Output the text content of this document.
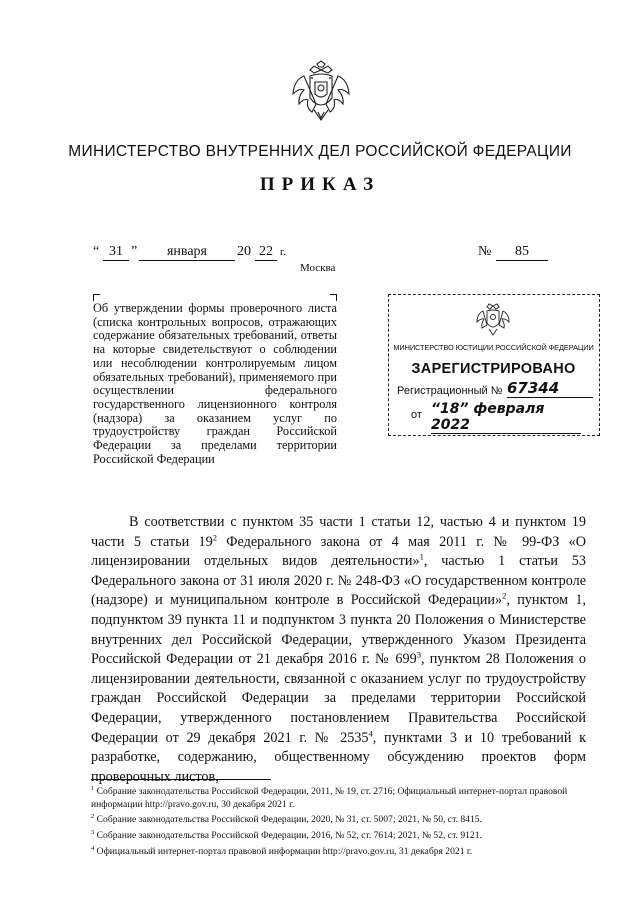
МИНИСТЕРСТВО ВНУТРЕННИХ ДЕЛ РОССИЙСКОЙ ФЕДЕРАЦИИ
ПРИКАЗ
“ 31 ”	января	20 22 г.	№	85
Москва

Об утверждении формы проверочного листа (списка контрольных вопросов, отражающих содержание обязательных требований, ответы на которые свидетельствуют о соблюдении или несоблюдении контролируемым лицом обязательных требований), применяемого при осуществлении федерального государственного лицензионного контроля (надзора) за оказанием услуг по трудоустройству граждан Российской Федерации за пределами территории Российской Федерации

МИНИСТЕРСТВО ЮСТИЦИИ РОССИЙСКОЙ ФЕДЕРАЦИИ
ЗАРЕГИСТРИРОВАНО
Регистрационный № 67344
от “18” февраля 2022

В соответствии с пунктом 35 части 1 статьи 12, частью 4 и пунктом 19 части 5 статьи $19^2$ Федерального закона от 4 мая 2011 г. № 99-ФЗ «О лицензировании отдельных видов деятельности»$^1$, частью 1 статьи 53 Федерального закона от 31 июля 2020 г. № 248-ФЗ «О государственном контроле (надзоре) и муниципальном контроле в Российской Федерации»$^2$, пунктом 1, подпунктом 39 пункта 11 и подпунктом 3 пункта 20 Положения о Министерстве внутренних дел Российской Федерации, утвержденного Указом Президента Российской Федерации от 21 декабря 2016 г. № $699^3$, пунктом 28 Положения о лицензировании деятельности, связанной с оказанием услуг по трудоустройству граждан Российской Федерации за пределами территории Российской Федерации, утвержденного постановлением Правительства Российской Федерации от 29 декабря 2021 г. № 2535$^4$, пунктами 3 и 10 требований к разработке, содержанию, общественному обсуждению проектов форм проверочных листов,

$^1$ Собрание законодательства Российской Федерации, 2011, № 19, ст. 2716; Официальный интернет-портал правовой информации http://pravo.gov.ru, 30 декабря 2021 г.
$^2$ Собрание законодательства Российской Федерации, 2020, № 31, ст. 5007; 2021, № 50, ст. 8415.
$^3$ Собрание законодательства Российской Федерации, 2016, № 52, ст. 7614; 2021, № 52, ст. 9121.
$^4$ Официальный интернет-портал правовой информации http://pravo.gov.ru, 31 декабря 2021 г.
